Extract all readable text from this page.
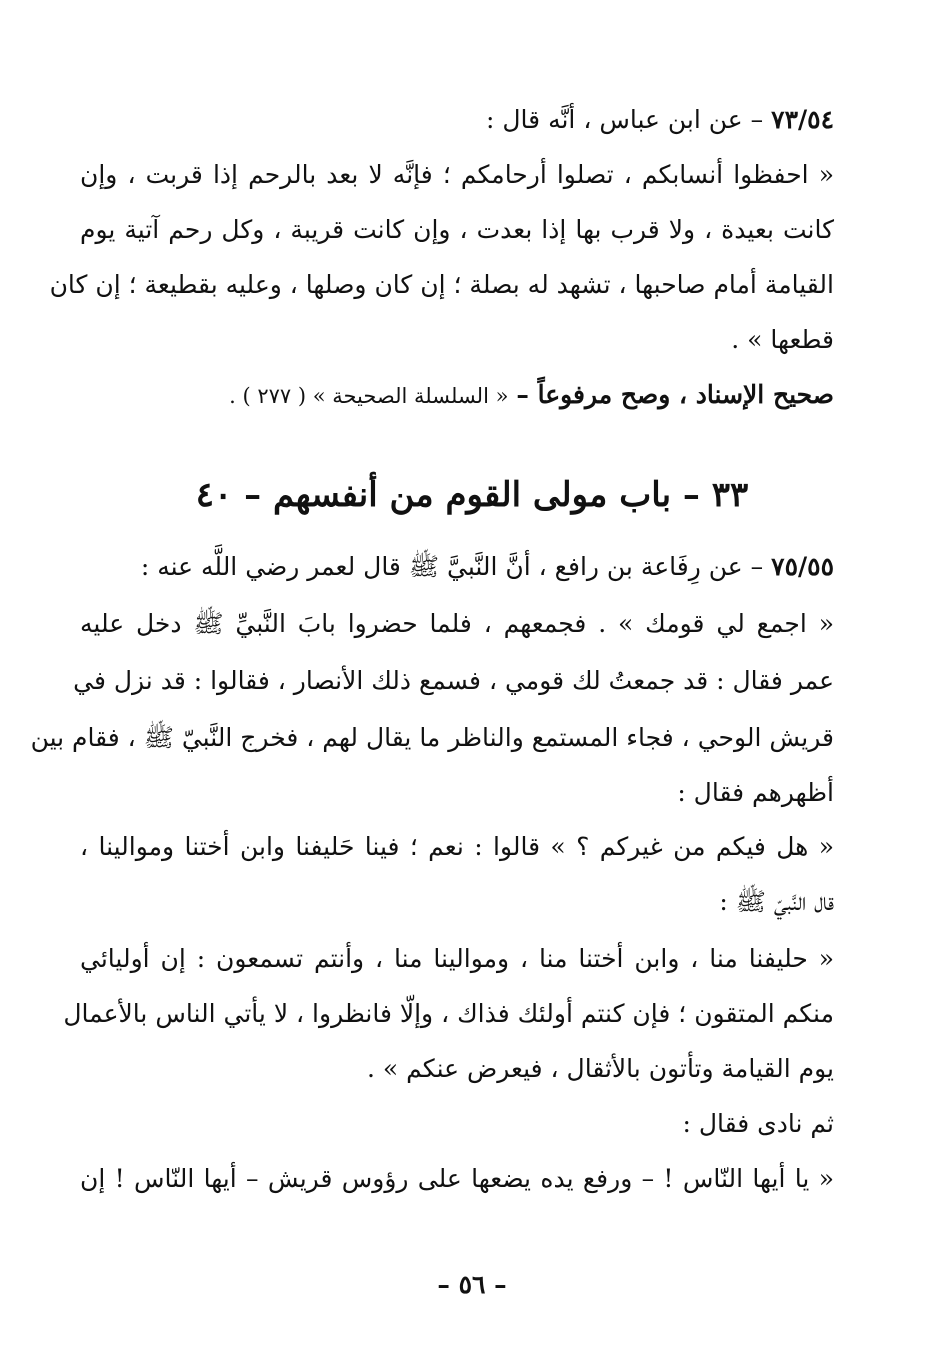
٧٣/٥٤– عن ابن عباس ، أنَّه قال :
« احفظوا أنسابكم ، تصلوا أرحامكم ؛ فإنَّه لا بعد بالرحم إذا قربت ، وإن
كانت بعيدة ، ولا قرب بها إذا بعدت ، وإن كانت قريبة ، وكل رحم آتية يوم
القيامة أمام صاحبها ، تشهد له بصلة ؛ إن كان وصلها ، وعليه بقطيعة ؛ إن كان
قطعها » .
صحيح الإسناد ، وصح مرفوعاً – « السلسلة الصحيحة » ( ٢٧٧ ) .
٣٣ – باب مولى القوم من أنفسهم – ٤٠
٧٥/٥٥– عن رِفَاعة بن رافع ، أنَّ النَّبيَّ ﷺ قال لعمر رضي اللَّه عنه :
« اجمع لي قومك » . فجمعهم ، فلما حضروا بابَ النَّبيِّ ﷺ دخل عليه
عمر فقال : قد جمعتُ لك قومي ، فسمع ذلك الأنصار ، فقالوا : قد نزل في
قريش الوحي ، فجاء المستمع والناظر ما يقال لهم ، فخرج النَّبيّ ﷺ ، فقام بين
أظهرهم فقال :
« هل فيكم من غيركم ؟ » قالوا : نعم ؛ فينا حَليفنا وابن أختنا وموالينا ،
قال النَّبيّ ﷺ :
« حليفنا منا ، وابن أختنا منا ، وموالينا منا ، وأنتم تسمعون : إن أوليائي
منكم المتقون ؛ فإن كنتم أولئك فذاك ، وإلّا فانظروا ، لا يأتي الناس بالأعمال
يوم القيامة وتأتون بالأثقال ، فيعرض عنكم » .
ثم نادى فقال :
« يا أيها النّاس ! – ورفع يده يضعها على رؤوس قريش – أيها النّاس ! إن
– ٥٦ –
